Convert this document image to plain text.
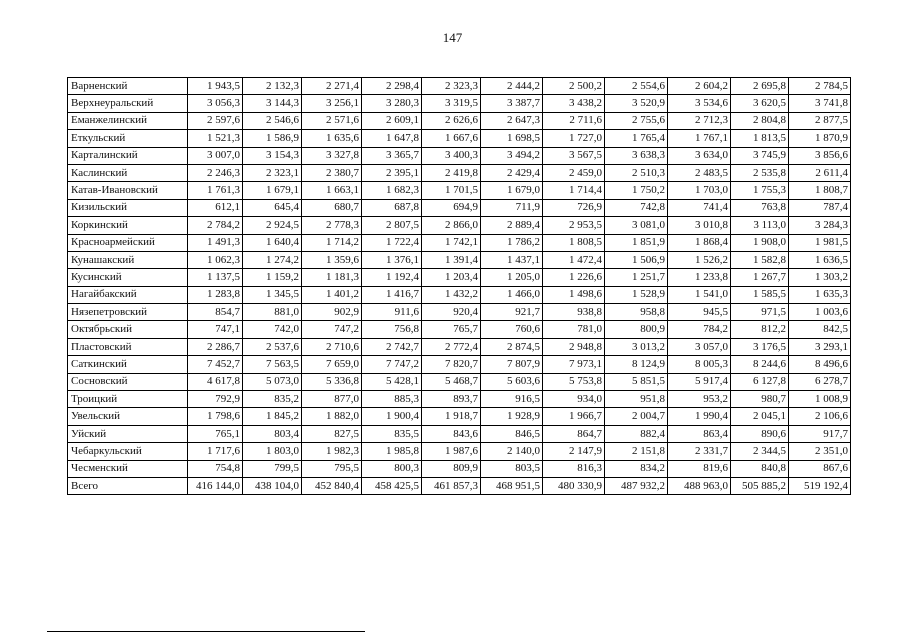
147
Варненский	1 943,5	2 132,3	2 271,4	2 298,4	2 323,3	2 444,2	2 500,2	2 554,6	2 604,2	2 695,8	2 784,5
Верхнеуральский	3 056,3	3 144,3	3 256,1	3 280,3	3 319,5	3 387,7	3 438,2	3 520,9	3 534,6	3 620,5	3 741,8
Еманжелинский	2 597,6	2 546,6	2 571,6	2 609,1	2 626,6	2 647,3	2 711,6	2 755,6	2 712,3	2 804,8	2 877,5
Еткульский	1 521,3	1 586,9	1 635,6	1 647,8	1 667,6	1 698,5	1 727,0	1 765,4	1 767,1	1 813,5	1 870,9
Карталинский	3 007,0	3 154,3	3 327,8	3 365,7	3 400,3	3 494,2	3 567,5	3 638,3	3 634,0	3 745,9	3 856,6
Каслинский	2 246,3	2 323,1	2 380,7	2 395,1	2 419,8	2 429,4	2 459,0	2 510,3	2 483,5	2 535,8	2 611,4
Катав-Ивановский	1 761,3	1 679,1	1 663,1	1 682,3	1 701,5	1 679,0	1 714,4	1 750,2	1 703,0	1 755,3	1 808,7
Кизильский	612,1	645,4	680,7	687,8	694,9	711,9	726,9	742,8	741,4	763,8	787,4
Коркинский	2 784,2	2 924,5	2 778,3	2 807,5	2 866,0	2 889,4	2 953,5	3 081,0	3 010,8	3 113,0	3 284,3
Красноармейский	1 491,3	1 640,4	1 714,2	1 722,4	1 742,1	1 786,2	1 808,5	1 851,9	1 868,4	1 908,0	1 981,5
Кунашакский	1 062,3	1 274,2	1 359,6	1 376,1	1 391,4	1 437,1	1 472,4	1 506,9	1 526,2	1 582,8	1 636,5
Кусинский	1 137,5	1 159,2	1 181,3	1 192,4	1 203,4	1 205,0	1 226,6	1 251,7	1 233,8	1 267,7	1 303,2
Нагайбакский	1 283,8	1 345,5	1 401,2	1 416,7	1 432,2	1 466,0	1 498,6	1 528,9	1 541,0	1 585,5	1 635,3
Нязепетровский	854,7	881,0	902,9	911,6	920,4	921,7	938,8	958,8	945,5	971,5	1 003,6
Октябрьский	747,1	742,0	747,2	756,8	765,7	760,6	781,0	800,9	784,2	812,2	842,5
Пластовский	2 286,7	2 537,6	2 710,6	2 742,7	2 772,4	2 874,5	2 948,8	3 013,2	3 057,0	3 176,5	3 293,1
Саткинский	7 452,7	7 563,5	7 659,0	7 747,2	7 820,7	7 807,9	7 973,1	8 124,9	8 005,3	8 244,6	8 496,6
Сосновский	4 617,8	5 073,0	5 336,8	5 428,1	5 468,7	5 603,6	5 753,8	5 851,5	5 917,4	6 127,8	6 278,7
Троицкий	792,9	835,2	877,0	885,3	893,7	916,5	934,0	951,8	953,2	980,7	1 008,9
Увельский	1 798,6	1 845,2	1 882,0	1 900,4	1 918,7	1 928,9	1 966,7	2 004,7	1 990,4	2 045,1	2 106,6
Уйский	765,1	803,4	827,5	835,5	843,6	846,5	864,7	882,4	863,4	890,6	917,7
Чебаркульский	1 717,6	1 803,0	1 982,3	1 985,8	1 987,6	2 140,0	2 147,9	2 151,8	2 331,7	2 344,5	2 351,0
Чесменский	754,8	799,5	795,5	800,3	809,9	803,5	816,3	834,2	819,6	840,8	867,6
Всего	416 144,0	438 104,0	452 840,4	458 425,5	461 857,3	468 951,5	480 330,9	487 932,2	488 963,0	505 885,2	519 192,4
